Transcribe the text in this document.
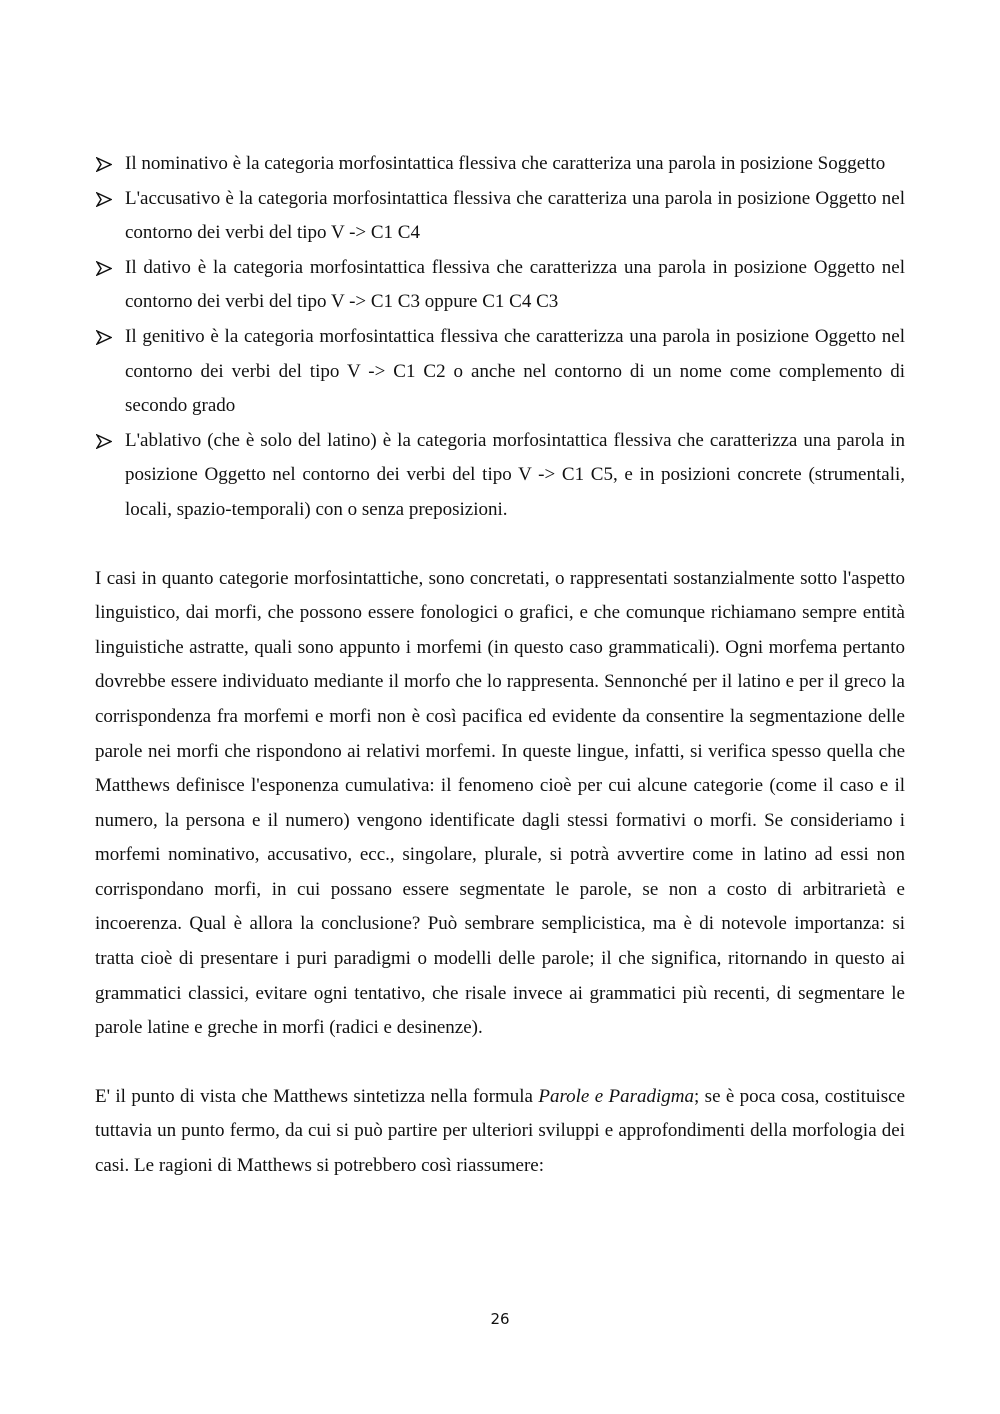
Il nominativo è la categoria morfosintattica flessiva che caratteriza una parola in posizione Soggetto
L'accusativo è la categoria morfosintattica flessiva che caratteriza una parola in posizione Oggetto nel contorno dei verbi del tipo V -> C1 C4
Il dativo è la categoria morfosintattica flessiva che caratterizza una parola in posizione Oggetto nel contorno dei verbi del tipo V -> C1 C3 oppure C1 C4 C3
Il genitivo è la categoria morfosintattica flessiva che caratterizza una parola in posizione Oggetto nel contorno dei verbi del tipo V -> C1 C2 o anche nel contorno di un nome come complemento di secondo grado
L'ablativo (che è solo del latino) è la categoria morfosintattica flessiva che caratterizza una parola in posizione Oggetto nel contorno dei verbi del tipo V -> C1 C5, e in posizioni concrete (strumentali, locali, spazio-temporali) con o senza preposizioni.

I casi in quanto categorie morfosintattiche, sono concretati, o rappresentati sostanzialmente sotto l'aspetto linguistico, dai morfi, che possono essere fonologici o grafici, e che comunque richiamano sempre entità linguistiche astratte, quali sono appunto i morfemi (in questo caso grammaticali). Ogni morfema pertanto dovrebbe essere individuato mediante il morfo che lo rappresenta. Sennonché per il latino e per il greco la corrispondenza fra morfemi e morfi non è così pacifica ed evidente da consentire la segmentazione delle parole nei morfi che rispondono ai relativi morfemi. In queste lingue, infatti, si verifica spesso quella che Matthews definisce l'esponenza cumulativa: il fenomeno cioè per cui alcune categorie (come il caso e il numero, la persona e il numero) vengono identificate dagli stessi formativi o morfi. Se consideriamo i morfemi nominativo, accusativo, ecc., singolare, plurale, si potrà avvertire come in latino ad essi non corrispondano morfi, in cui possano essere segmentate le parole, se non a costo di arbitrarietà e incoerenza. Qual è allora la conclusione? Può sembrare semplicistica, ma è di notevole importanza: si tratta cioè di presentare i puri paradigmi o modelli delle parole; il che significa, ritornando in questo ai grammatici classici, evitare ogni tentativo, che risale invece ai grammatici più recenti, di segmentare le parole latine e greche in morfi (radici e desinenze).

E' il punto di vista che Matthews sintetizza nella formula Parole e Paradigma; se è poca cosa, costituisce tuttavia un punto fermo, da cui si può partire per ulteriori sviluppi e approfondimenti della morfologia dei casi. Le ragioni di Matthews si potrebbero così riassumere:

26
